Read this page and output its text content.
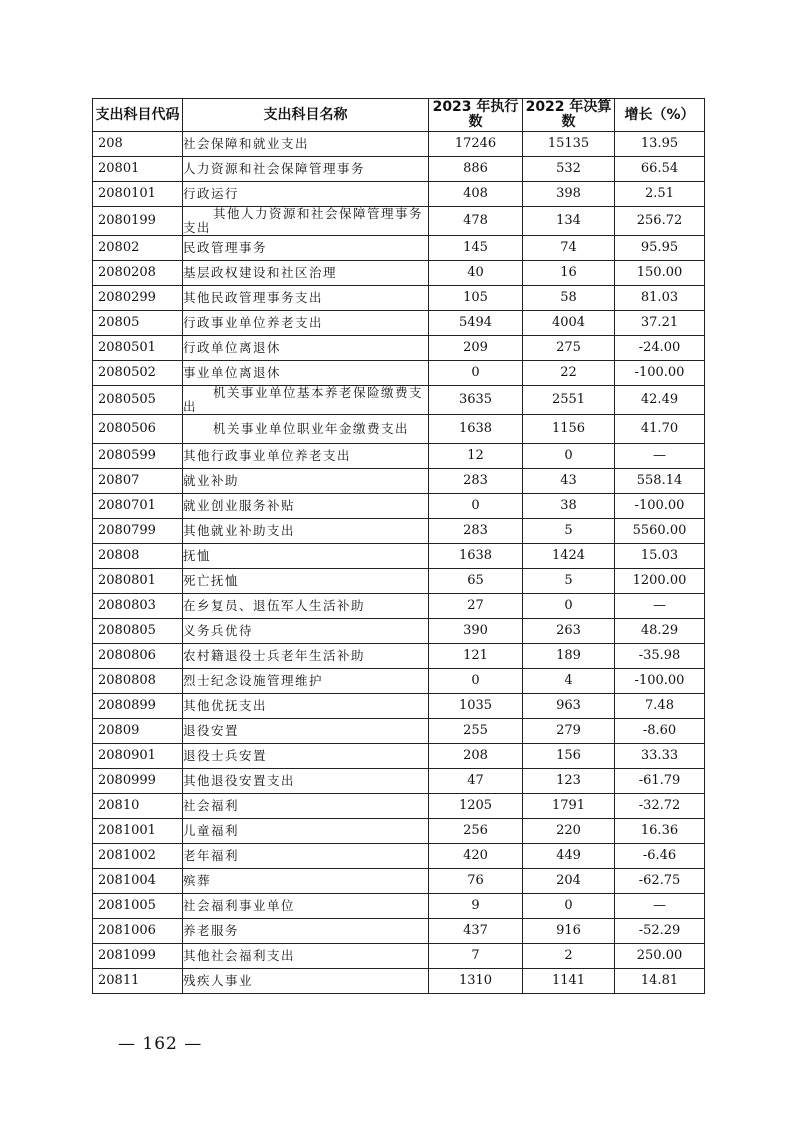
支出科目代码	支出科目名称	2023 年执行数	2022 年决算数	增长（%）
208	社会保障和就业支出	17246	15135	13.95
20801	人力资源和社会保障管理事务	886	532	66.54
2080101	行政运行	408	398	2.51
2080199	其他人力资源和社会保障管理事务支出	478	134	256.72
20802	民政管理事务	145	74	95.95
2080208	基层政权建设和社区治理	40	16	150.00
2080299	其他民政管理事务支出	105	58	81.03
20805	行政事业单位养老支出	5494	4004	37.21
2080501	行政单位离退休	209	275	-24.00
2080502	事业单位离退休	0	22	-100.00
2080505	机关事业单位基本养老保险缴费支出	3635	2551	42.49
2080506	机关事业单位职业年金缴费支出	1638	1156	41.70
2080599	其他行政事业单位养老支出	12	0	—
20807	就业补助	283	43	558.14
2080701	就业创业服务补贴	0	38	-100.00
2080799	其他就业补助支出	283	5	5560.00
20808	抚恤	1638	1424	15.03
2080801	死亡抚恤	65	5	1200.00
2080803	在乡复员、退伍军人生活补助	27	0	—
2080805	义务兵优待	390	263	48.29
2080806	农村籍退役士兵老年生活补助	121	189	-35.98
2080808	烈士纪念设施管理维护	0	4	-100.00
2080899	其他优抚支出	1035	963	7.48
20809	退役安置	255	279	-8.60
2080901	退役士兵安置	208	156	33.33
2080999	其他退役安置支出	47	123	-61.79
20810	社会福利	1205	1791	-32.72
2081001	儿童福利	256	220	16.36
2081002	老年福利	420	449	-6.46
2081004	殡葬	76	204	-62.75
2081005	社会福利事业单位	9	0	—
2081006	养老服务	437	916	-52.29
2081099	其他社会福利支出	7	2	250.00
20811	残疾人事业	1310	1141	14.81
— 162 —
